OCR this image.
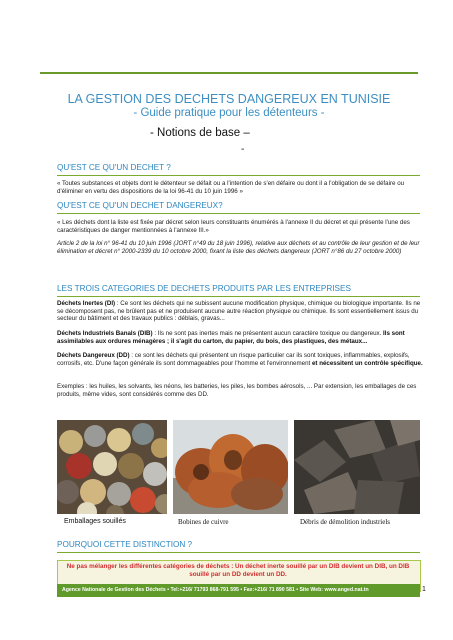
LA GESTION DES DECHETS DANGEREUX EN TUNISIE
- Guide pratique pour les détenteurs -
- Notions de base –
-
QU'EST CE QU'UN DECHET ?
« Toutes substances et objets dont le détenteur se défait ou a l'intention de s'en défaire ou dont il a l'obligation de se défaire ou d'éliminer en vertu des dispositions de la loi 96-41 du 10 juin 1996 »
QU'EST CE QU'UN DECHET DANGEREUX?
« Les déchets dont la liste est fixée par décret selon leurs constituants énumérés à l'annexe II du décret et qui présente l'une des caractéristiques de danger mentionnées à l'annexe III.»
Article 2 de la loi n° 96-41 du 10 juin 1996 (JORT n°49 du 18 juin 1996), relative aux déchets et au contrôle de leur gestion et de leur élimination et décret n° 2000-2339 du 10 octobre 2000, fixant la liste des déchets dangereux (JORT n°86 du 27 octobre 2000)
LES TROIS CATEGORIES DE DECHETS PRODUITS PAR LES ENTREPRISES
Déchets Inertes (DI) : Ce sont les déchets qui ne subissent aucune modification physique, chimique ou biologique importante. Ils ne se décomposent pas, ne brûlent pas et ne produisent aucune autre réaction physique ou chimique. Ils sont essentiellement issus du secteur du bâtiment et des travaux publics : déblais, gravas...
Déchets Industriels Banals (DIB) : Ils ne sont pas inertes mais ne présentent aucun caractère toxique ou dangereux. Ils sont assimilables aux ordures ménagères ; il s'agit du carton, du papier, du bois, des plastiques, des métaux...
Déchets Dangereux (DD) : ce sont les déchets qui présentent un risque particulier car ils sont toxiques, inflammables, explosifs, corrosifs, etc. D'une façon générale ils sont dommageables pour l'homme et l'environnement et nécessitent un contrôle spécifique.
Exemples : les huiles, les solvants, les néons, les batteries, les piles, les bombes aérosols, ... Par extension, les emballages de ces produits, même vides, sont considérés comme des DD.
Emballages souillés	Bobines de cuivre	Débris de démolition industriels
POURQUOI CETTE DISTINCTION ?
Ne pas mélanger les différentes catégories de déchets : Un déchet inerte souillé par un DIB devient un DIB, un DIB souillé par un DD devient un DD.
Agence Nationale de Gestion des Déchets • Tel:+216/ 71793 868-791 595 • Fax:+216/ 71 890 581 • Site Web: www.anged.nat.tn	1
